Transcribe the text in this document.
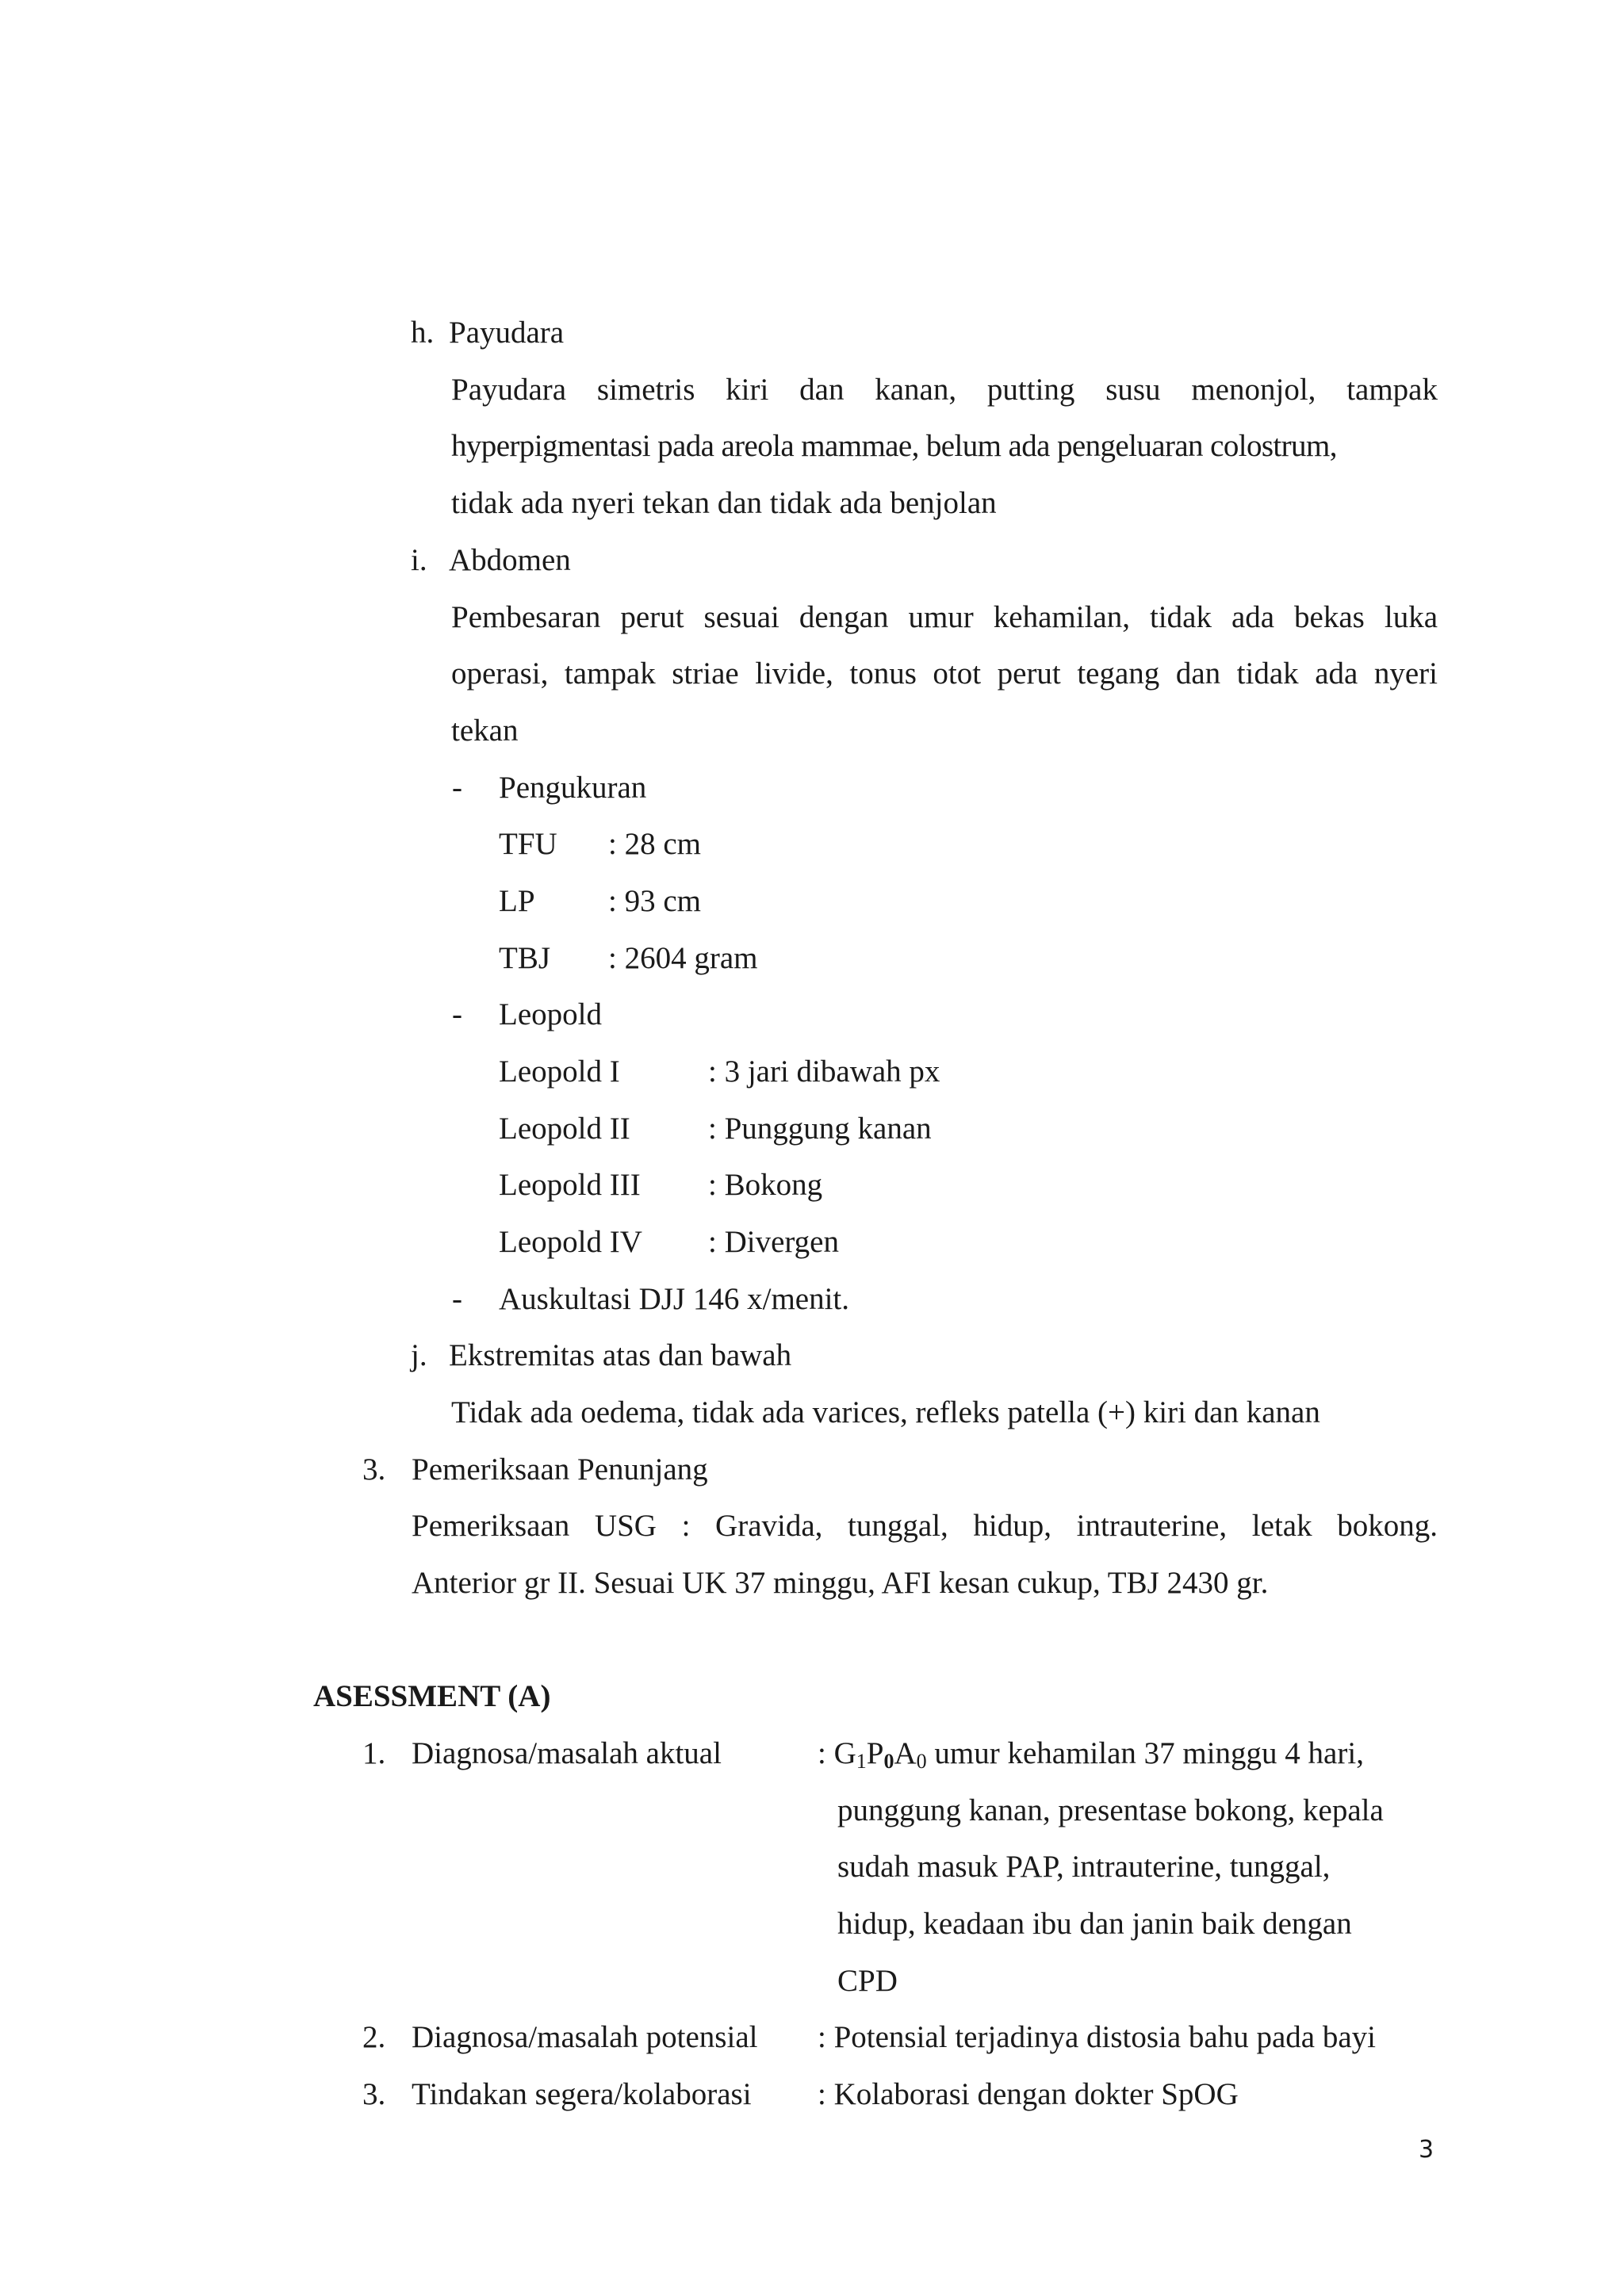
h. Payudara
Payudara simetris kiri dan kanan, putting susu menonjol, tampak
hyperpigmentasi pada areola mammae, belum ada pengeluaran colostrum,
tidak ada nyeri tekan dan tidak ada benjolan
i. Abdomen
Pembesaran perut sesuai dengan umur kehamilan, tidak ada bekas luka
operasi, tampak striae livide, tonus otot perut tegang dan tidak ada nyeri
tekan
- Pengukuran
TFU : 28 cm
LP : 93 cm
TBJ : 2604 gram
- Leopold
Leopold I	: 3 jari dibawah px
Leopold II	: Punggung kanan
Leopold III : Bokong
Leopold IV : Divergen
- Auskultasi DJJ 146 x/menit.
j. Ekstremitas atas dan bawah
Tidak ada oedema, tidak ada varices, refleks patella (+) kiri dan kanan
3. Pemeriksaan Penunjang
Pemeriksaan USG : Gravida, tunggal, hidup, intrauterine, letak bokong.
Anterior gr II. Sesuai UK 37 minggu, AFI kesan cukup, TBJ 2430 gr.
ASESSMENT (A)
1. Diagnosa/masalah aktual	: $G_1P_0A_0$ umur kehamilan 37 minggu 4 hari,
punggung kanan, presentase bokong, kepala
sudah masuk PAP, intrauterine, tunggal,
hidup, keadaan ibu dan janin baik dengan
CPD
2. Diagnosa/masalah potensial : Potensial terjadinya distosia bahu pada bayi
3. Tindakan segera/kolaborasi : Kolaborasi dengan dokter SpOG
3
